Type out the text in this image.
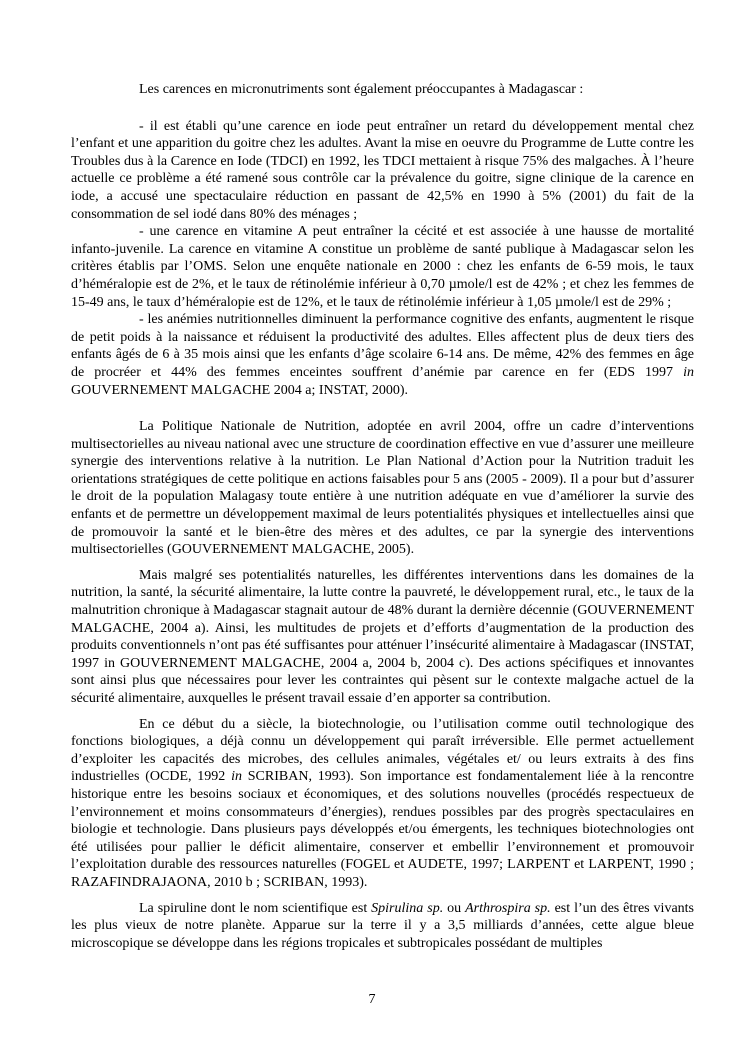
Les carences en micronutriments sont également préoccupantes à Madagascar :

- il est établi qu’une carence en iode peut entraîner un retard du développement mental chez l’enfant et une apparition du goitre chez les adultes. Avant la mise en oeuvre du Programme de Lutte contre les Troubles dus à la Carence en Iode (TDCI) en 1992, les TDCI mettaient à risque 75% des malgaches. À l’heure actuelle ce problème a été ramené sous contrôle car la prévalence du goitre, signe clinique de la carence en iode, a accusé une spectaculaire réduction en passant de 42,5% en 1990 à 5% (2001) du fait de la consommation de sel iodé dans 80% des ménages ;

- une carence en vitamine A peut entraîner la cécité et est associée à une hausse de mortalité infanto-juvenile. La carence en vitamine A constitue un problème de santé publique à Madagascar selon les critères établis par l’OMS. Selon une enquête nationale en 2000 : chez les enfants de 6-59 mois, le taux d’héméralopie est de 2%, et le taux de rétinolémie inférieur à 0,70 µmole/l est de 42% ; et chez les femmes de 15-49 ans, le taux d’héméralopie est de 12%, et le taux de rétinolémie inférieur à 1,05 µmole/l est de 29% ;

- les anémies nutritionnelles diminuent la performance cognitive des enfants, augmentent le risque de petit poids à la naissance et réduisent la productivité des adultes. Elles affectent plus de deux tiers des enfants âgés de 6 à 35 mois ainsi que les enfants d’âge scolaire 6-14 ans. De même, 42% des femmes en âge de procréer et 44% des femmes enceintes souffrent d’anémie par carence en fer (EDS 1997 in GOUVERNEMENT MALGACHE 2004 a; INSTAT, 2000).

La Politique Nationale de Nutrition, adoptée en avril 2004, offre un cadre d’interventions multisectorielles au niveau national avec une structure de coordination effective en vue d’assurer une meilleure synergie des interventions relative à la nutrition. Le Plan National d’Action pour la Nutrition traduit les orientations stratégiques de cette politique en actions faisables pour 5 ans (2005 - 2009). Il a pour but d’assurer le droit de la population Malagasy toute entière à une nutrition adéquate en vue d’améliorer la survie des enfants et de permettre un développement maximal de leurs potentialités physiques et intellectuelles ainsi que de promouvoir la santé et le bien-être des mères et des adultes, ce par la synergie des interventions multisectorielles (GOUVERNEMENT MALGACHE, 2005).

Mais malgré ses potentialités naturelles, les différentes interventions dans les domaines de la nutrition, la santé, la sécurité alimentaire, la lutte contre la pauvreté, le développement rural, etc., le taux de la malnutrition chronique à Madagascar stagnait autour de 48% durant la dernière décennie (GOUVERNEMENT MALGACHE, 2004 a). Ainsi, les multitudes de projets et d’efforts d’augmentation de la production des produits conventionnels n’ont pas été suffisantes pour atténuer l’insécurité alimentaire à Madagascar (INSTAT, 1997 in GOUVERNEMENT MALGACHE, 2004 a, 2004 b, 2004 c). Des actions spécifiques et innovantes sont ainsi plus que nécessaires pour lever les contraintes qui pèsent sur le contexte malgache actuel de la sécurité alimentaire, auxquelles le présent travail essaie d’en apporter sa contribution.

En ce début du a siècle, la biotechnologie, ou l’utilisation comme outil technologique des fonctions biologiques, a déjà connu un développement qui paraît irréversible. Elle permet actuellement d’exploiter les capacités des microbes, des cellules animales, végétales et/ ou leurs extraits à des fins industrielles (OCDE, 1992 in SCRIBAN, 1993). Son importance est fondamentalement liée à la rencontre historique entre les besoins sociaux et économiques, et des solutions nouvelles (procédés respectueux de l’environnement et moins consommateurs d’énergies), rendues possibles par des progrès spectaculaires en biologie et technologie. Dans plusieurs pays développés et/ou émergents, les techniques biotechnologies ont été utilisées pour pallier le déficit alimentaire, conserver et embellir l’environnement et promouvoir l’exploitation durable des ressources naturelles (FOGEL et AUDETE, 1997; LARPENT et LARPENT, 1990 ; RAZAFINDRAJAONA, 2010 b ; SCRIBAN, 1993).

La spiruline dont le nom scientifique est Spirulina sp. ou Arthrospira sp. est l’un des êtres vivants les plus vieux de notre planète. Apparue sur la terre il y a 3,5 milliards d’années, cette algue bleue microscopique se développe dans les régions tropicales et subtropicales possédant de multiples

7
